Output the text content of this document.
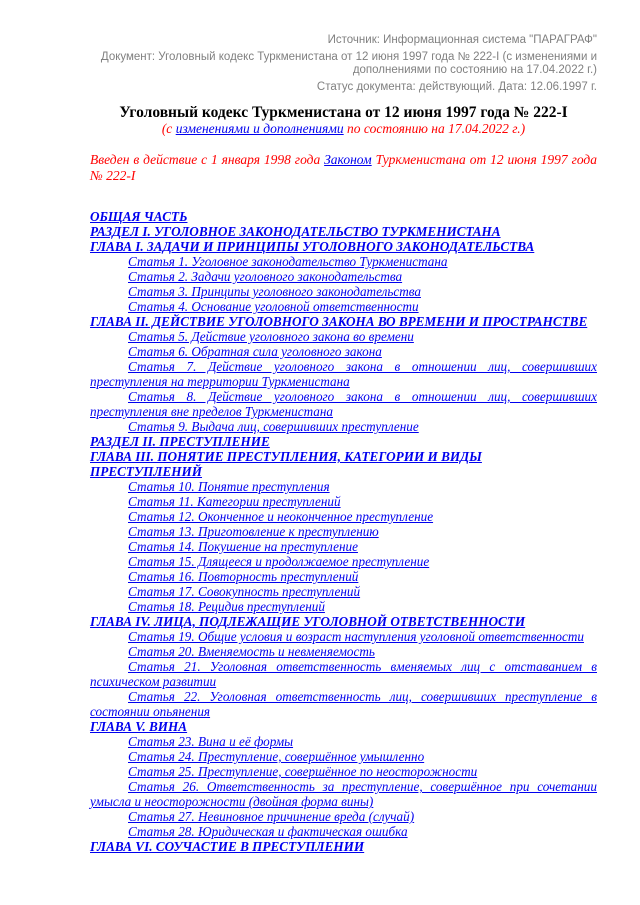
Источник: Информационная система "ПАРАГРАФ"
Документ: Уголовный кодекс Туркменистана от 12 июня 1997 года № 222-I (с изменениями и дополнениями по состоянию на 17.04.2022 г.)
Статус документа: действующий. Дата: 12.06.1997 г.
Уголовный кодекс Туркменистана от 12 июня 1997 года № 222-I
(с изменениями и дополнениями по состоянию на 17.04.2022 г.)

Введен в действие с 1 января 1998 года Законом Туркменистана от 12 июня 1997 года № 222-I

ОБЩАЯ ЧАСТЬ
РАЗДЕЛ I. УГОЛОВНОЕ ЗАКОНОДАТЕЛЬСТВО ТУРКМЕНИСТАНА
ГЛАВА I. ЗАДАЧИ И ПРИНЦИПЫ УГОЛОВНОГО ЗАКОНОДАТЕЛЬСТВА
Статья 1. Уголовное законодательство Туркменистана
Статья 2. Задачи уголовного законодательства
Статья 3. Принципы уголовного законодательства
Статья 4. Основание уголовной ответственности
ГЛАВА II. ДЕЙСТВИЕ УГОЛОВНОГО ЗАКОНА ВО ВРЕМЕНИ И ПРОСТРАНСТВЕ
Статья 5. Действие уголовного закона во времени
Статья 6. Обратная сила уголовного закона
Статья 7. Действие уголовного закона в отношении лиц, совершивших преступления на территории Туркменистана
Статья 8. Действие уголовного закона в отношении лиц, совершивших преступления вне пределов Туркменистана
Статья 9. Выдача лиц, совершивших преступление
РАЗДЕЛ II. ПРЕСТУПЛЕНИЕ
ГЛАВА III. ПОНЯТИЕ ПРЕСТУПЛЕНИЯ, КАТЕГОРИИ И ВИДЫ ПРЕСТУПЛЕНИЙ
Статья 10. Понятие преступления
Статья 11. Категории преступлений
Статья 12. Оконченное и неоконченное преступление
Статья 13. Приготовление к преступлению
Статья 14. Покушение на преступление
Статья 15. Длящееся и продолжаемое преступление
Статья 16. Повторность преступлений
Статья 17. Совокупность преступлений
Статья 18. Рецидив преступлений
ГЛАВА IV. ЛИЦА, ПОДЛЕЖАЩИЕ УГОЛОВНОЙ ОТВЕТСТВЕННОСТИ
Статья 19. Общие условия и возраст наступления уголовной ответственности
Статья 20. Вменяемость и невменяемость
Статья 21. Уголовная ответственность вменяемых лиц с отставанием в психическом развитии
Статья 22. Уголовная ответственность лиц, совершивших преступление в состоянии опьянения
ГЛАВА V. ВИНА
Статья 23. Вина и её формы
Статья 24. Преступление, совершённое умышленно
Статья 25. Преступление, совершённое по неосторожности
Статья 26. Ответственность за преступление, совершённое при сочетании умысла и неосторожности (двойная форма вины)
Статья 27. Невиновное причинение вреда (случай)
Статья 28. Юридическая и фактическая ошибка
ГЛАВА VI. СОУЧАСТИЕ В ПРЕСТУПЛЕНИИ
